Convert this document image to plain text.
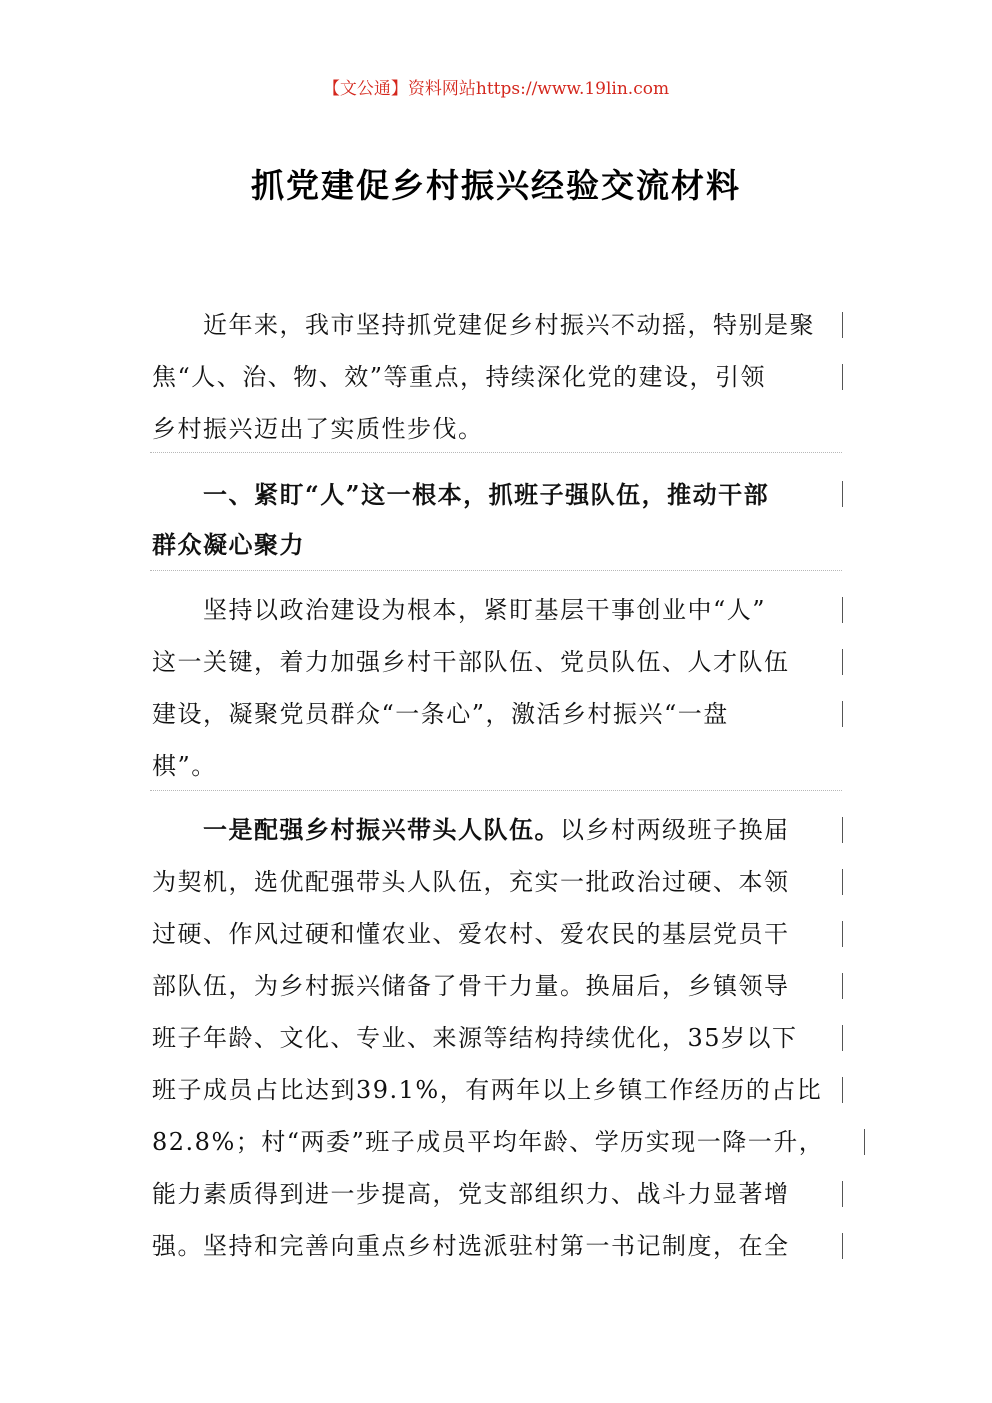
【文公通】资料网站https://www.19lin.com
抓党建促乡村振兴经验交流材料
　　近年来，我市坚持抓党建促乡村振兴不动摇，特别是聚
焦“人、治、物、效”等重点，持续深化党的建设，引领
乡村振兴迈出了实质性步伐。
　　一、紧盯“人”这一根本，抓班子强队伍，推动干部
群众凝心聚力
　　坚持以政治建设为根本，紧盯基层干事创业中“人”
这一关键，着力加强乡村干部队伍、党员队伍、人才队伍
建设，凝聚党员群众“一条心”，激活乡村振兴“一盘
棋”。
　　一是配强乡村振兴带头人队伍。以乡村两级班子换届
为契机，选优配强带头人队伍，充实一批政治过硬、本领
过硬、作风过硬和懂农业、爱农村、爱农民的基层党员干
部队伍，为乡村振兴储备了骨干力量。换届后，乡镇领导
班子年龄、文化、专业、来源等结构持续优化，35岁以下
班子成员占比达到39.1%，有两年以上乡镇工作经历的占比
82.8%；村“两委”班子成员平均年龄、学历实现一降一升，
能力素质得到进一步提高，党支部组织力、战斗力显著增
强。坚持和完善向重点乡村选派驻村第一书记制度，在全
